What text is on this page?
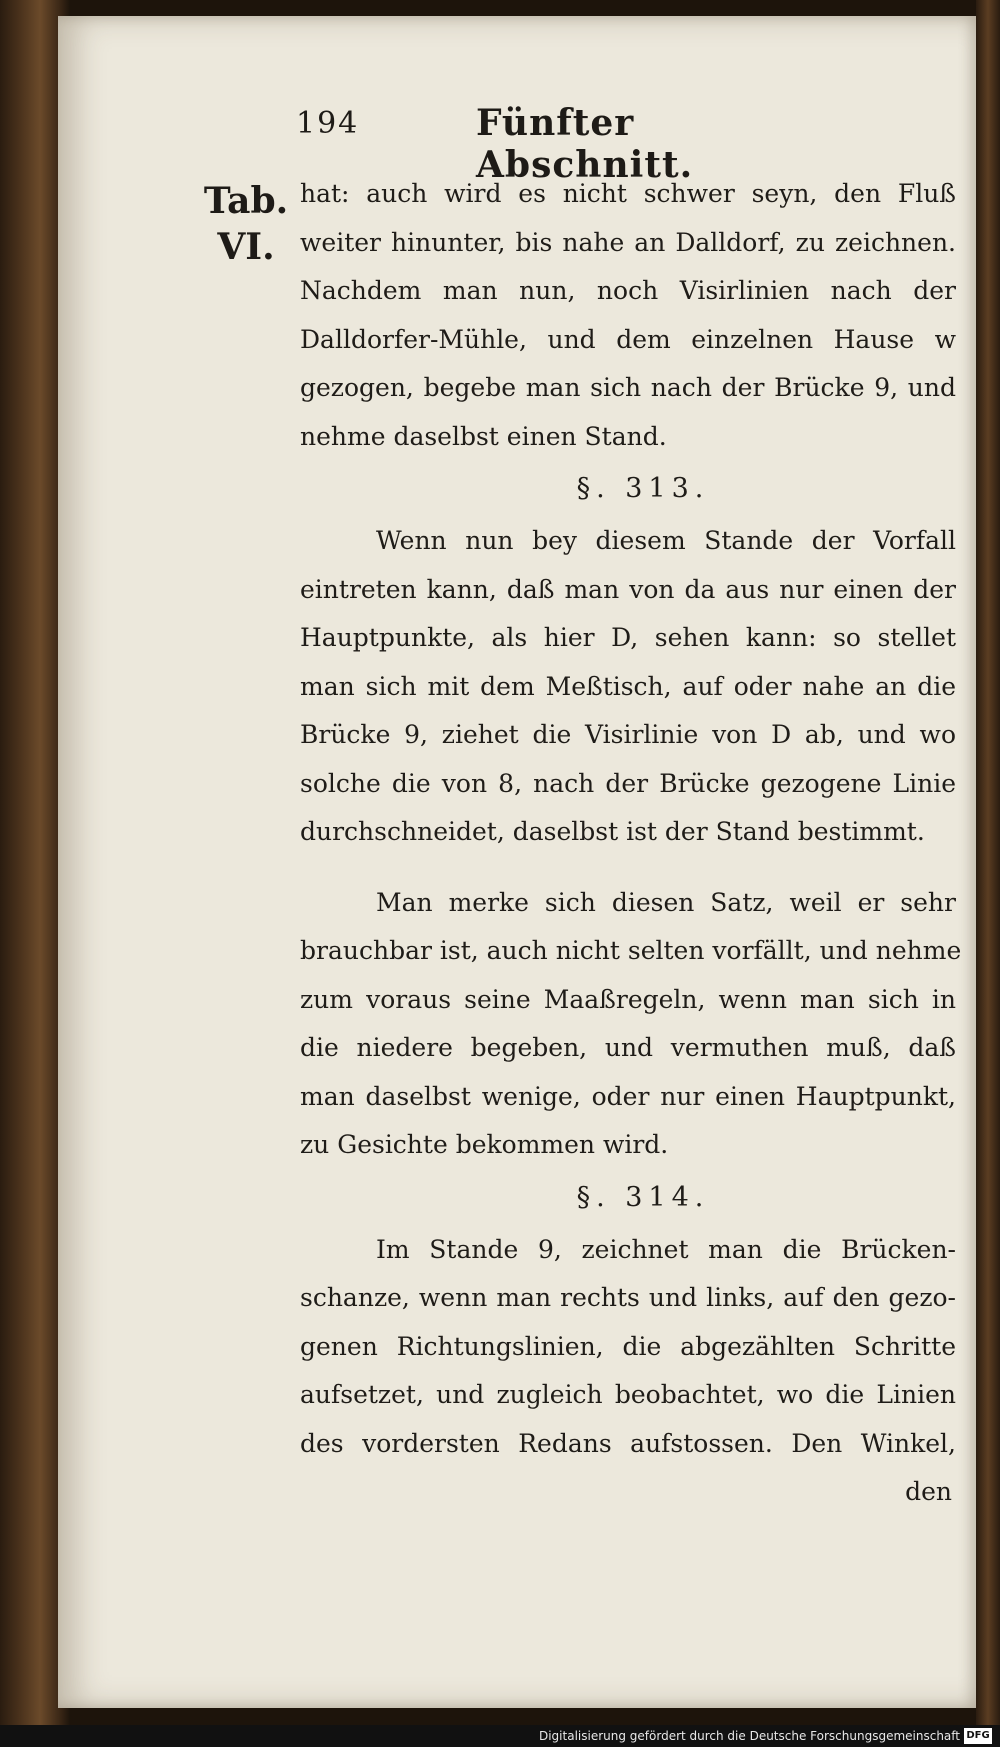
194	Fünfter Abschnitt.
Tab.
VI.
hat: auch wird es nicht schwer seyn, den Fluß
weiter hinunter, bis nahe an Dalldorf, zu zeichnen.
Nachdem man nun, noch Visirlinien nach der
Dalldorfer-Mühle, und dem einzelnen Hause w
gezogen, begebe man sich nach der Brücke 9, und
nehme daselbst einen Stand.
§. 313.
Wenn nun bey diesem Stande der Vorfall
eintreten kann, daß man von da aus nur einen der
Hauptpunkte, als hier D, sehen kann: so stellet
man sich mit dem Meßtisch, auf oder nahe an die
Brücke 9, ziehet die Visirlinie von D ab, und wo
solche die von 8, nach der Brücke gezogene Linie
durchschneidet, daselbst ist der Stand bestimmt.
Man merke sich diesen Satz, weil er sehr
brauchbar ist, auch nicht selten vorfällt, und nehme
zum voraus seine Maaßregeln, wenn man sich in
die niedere begeben, und vermuthen muß, daß
man daselbst wenige, oder nur einen Hauptpunkt,
zu Gesichte bekommen wird.
§. 314.
Im Stande 9, zeichnet man die Brücken-
schanze, wenn man rechts und links, auf den gezo-
genen Richtungslinien, die abgezählten Schritte
aufsetzet, und zugleich beobachtet, wo die Linien
des vordersten Redans aufstossen. Den Winkel,
den
Digitalisierung gefördert durch die Deutsche Forschungsgemeinschaft DFG
